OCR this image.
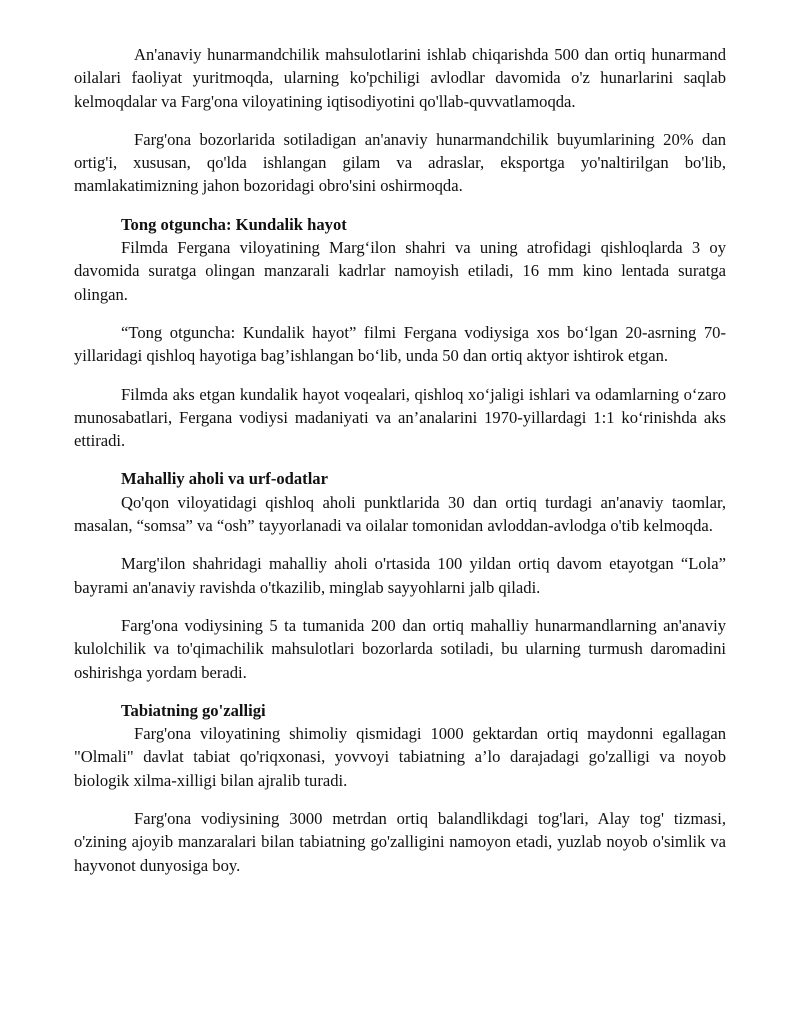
An'anaviy hunarmandchilik mahsulotlarini ishlab chiqarishda 500 dan ortiq hunarmand oilalari faoliyat yuritmoqda, ularning ko'pchiligi avlodlar davomida o'z hunarlarini saqlab kelmoqdalar va Farg'ona viloyatining iqtisodiyotini qo'llab-quvvatlamoqda.

Farg'ona bozorlarida sotiladigan an'anaviy hunarmandchilik buyumlarining 20% dan ortig'i, xususan, qo'lda ishlangan gilam va adraslar, eksportga yo'naltirilgan bo'lib, mamlakatimizning jahon bozoridagi obro'sini oshirmoqda.

Tong otguncha: Kundalik hayot

Filmda Fergana viloyatining Marg‘ilon shahri va uning atrofidagi qishloqlarda 3 oy davomida suratga olingan manzarali kadrlar namoyish etiladi, 16 mm kino lentada suratga olingan.

“Tong otguncha: Kundalik hayot” filmi Fergana vodiysiga xos bo‘lgan 20-asrning 70-yillaridagi qishloq hayotiga bag’ishlangan bo‘lib, unda 50 dan ortiq aktyor ishtirok etgan.

Filmda aks etgan kundalik hayot voqealari, qishloq xo‘jaligi ishlari va odamlarning o‘zaro munosabatlari, Fergana vodiysi madaniyati va an’analarini 1970-yillardagi 1:1 ko‘rinishda aks ettiradi.

Mahalliy aholi va urf-odatlar

Qo'qon viloyatidagi qishloq aholi punktlarida 30 dan ortiq turdagi an'anaviy taomlar, masalan, “somsa” va “osh” tayyorlanadi va oilalar tomonidan avloddan-avlodga o'tib kelmoqda.

Marg'ilon shahridagi mahalliy aholi o'rtasida 100 yildan ortiq davom etayotgan “Lola” bayrami an'anaviy ravishda o'tkazilib, minglab sayyohlarni jalb qiladi.

Farg'ona vodiysining 5 ta tumanida 200 dan ortiq mahalliy hunarmandlarning an'anaviy kulolchilik va to'qimachilik mahsulotlari bozorlarda sotiladi, bu ularning turmush daromadini oshirishga yordam beradi.

Tabiatning go'zalligi

Farg'ona viloyatining shimoliy qismidagi 1000 gektardan ortiq maydonni egallagan "Olmali" davlat tabiat qo'riqxonasi, yovvoyi tabiatning a’lo darajadagi go'zalligi va noyob biologik xilma-xilligi bilan ajralib turadi.

Farg'ona vodiysining 3000 metrdan ortiq balandlikdagi tog'lari, Alay tog' tizmasi, o'zining ajoyib manzaralari bilan tabiatning go'zalligini namoyon etadi, yuzlab noyob o'simlik va hayvonot dunyosiga boy.
